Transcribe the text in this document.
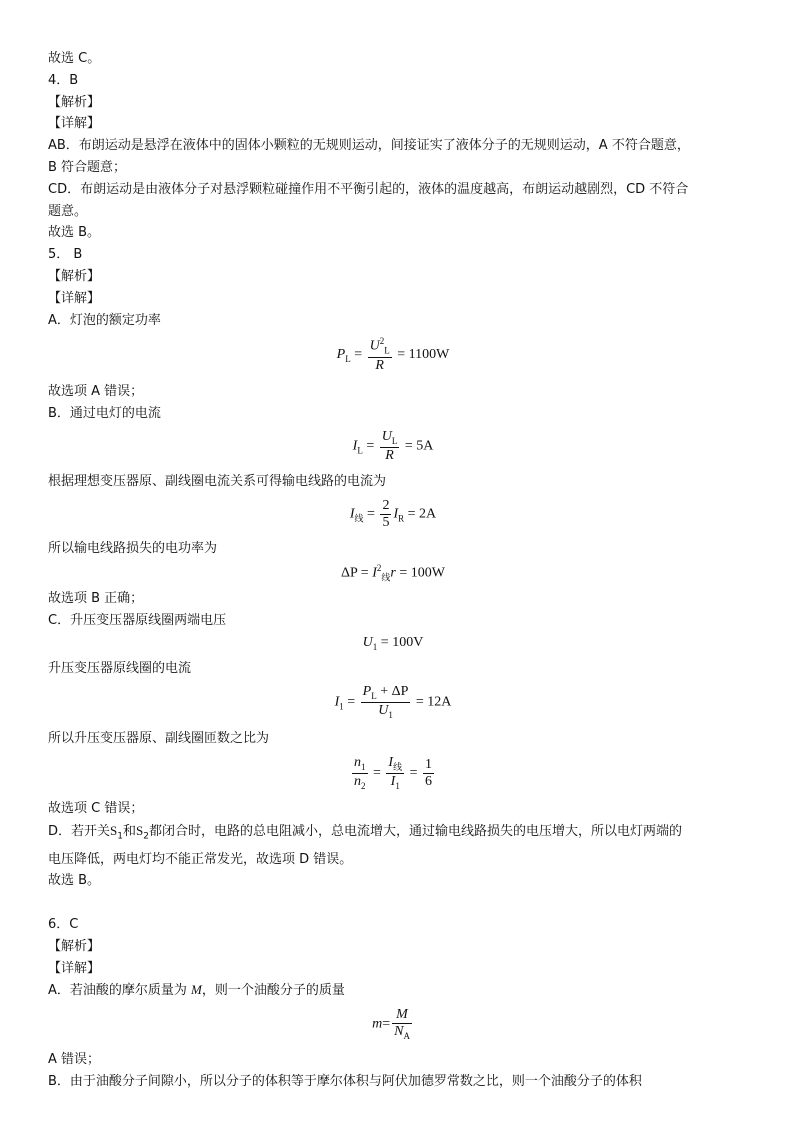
故选 C。
4．B
【解析】
【详解】
AB．布朗运动是悬浮在液体中的固体小颗粒的无规则运动，间接证实了液体分子的无规则运动，A 不符合题意，
B 符合题意；
CD．布朗运动是由液体分子对悬浮颗粒碰撞作用不平衡引起的，液体的温度越高，布朗运动越剧烈，CD 不符合
题意。
故选 B。
5． B
【解析】
【详解】
A．灯泡的额定功率
$P_L = \frac{U^2_L}{R} = 1100W$
故选项 A 错误；
B．通过电灯的电流
$I_L = \frac{U_L}{R} = 5A$
根据理想变压器原、副线圈电流关系可得输电线路的电流为
$I_线 = \frac{2}{5} I_R = 2A$
所以输电线路损失的电功率为
$\Delta P = I^2_线r = 100W$
故选项 B 正确；
C．升压变压器原线圈两端电压
$U_1 = 100V$
升压变压器原线圈的电流
$I_1 = \frac{P_L + \Delta P}{U_1} = 12A$
所以升压变压器原、副线圈匝数之比为
$\frac{n_1}{n_2} = \frac{I_线}{I_1} = \frac{1}{6}$
故选项 C 错误；
D．若开关$S_1$和$S_2$都闭合时，电路的总电阻减小，总电流增大，通过输电线路损失的电压增大，所以电灯两端的
电压降低，两电灯均不能正常发光，故选项 D 错误。
故选 B。
6．C
【解析】
【详解】
A．若油酸的摩尔质量为 M，则一个油酸分子的质量
$m= \frac{M}{N_A}$
A 错误；
B．由于油酸分子间隙小，所以分子的体积等于摩尔体积与阿伏加德罗常数之比，则一个油酸分子的体积
